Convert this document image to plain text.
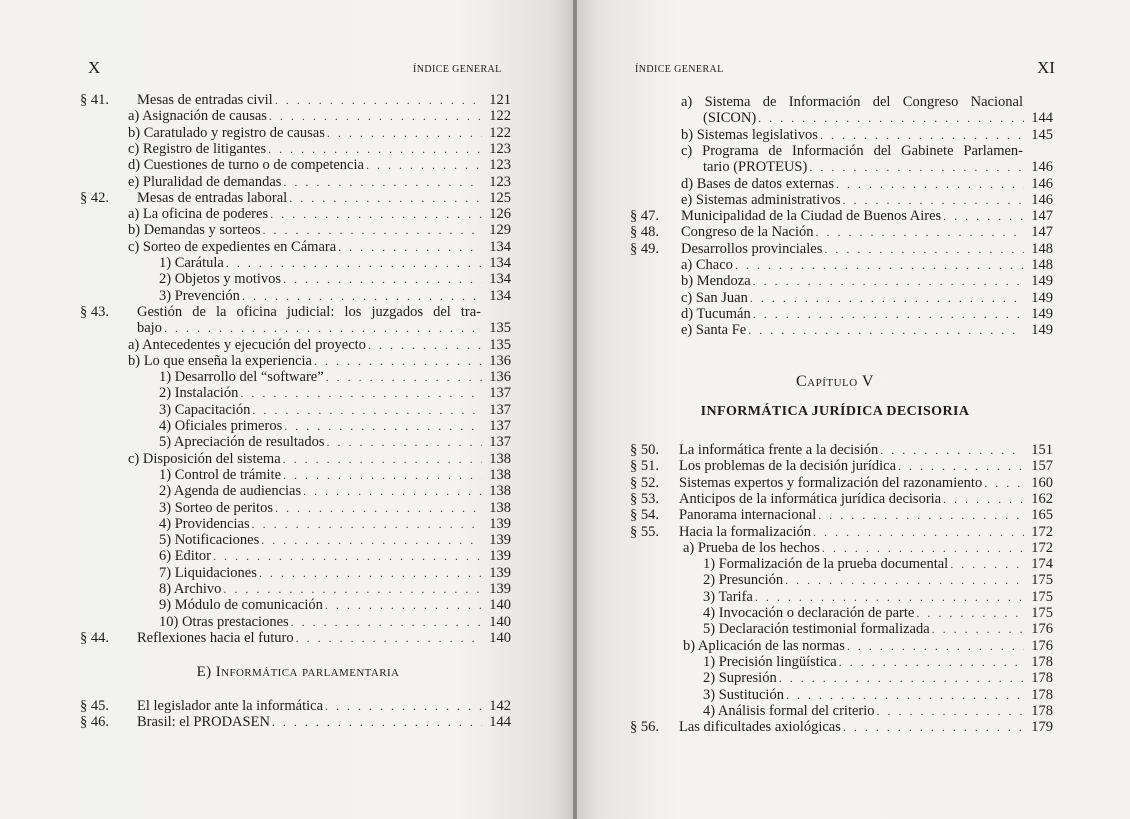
X	ÍNDICE GENERAL
§ 41. Mesas de entradas civil . . .	121
a) Asignación de causas . . .	122
b) Caratulado y registro de causas . . .	122
c) Registro de litigantes . . .	123
d) Cuestiones de turno o de competencia . . .	123
e) Pluralidad de demandas . . .	123
§ 42. Mesas de entradas laboral . . .	125
a) La oficina de poderes . . .	126
b) Demandas y sorteos . . .	129
c) Sorteo de expedientes en Cámara . . .	134
1) Carátula . . .	134
2) Objetos y motivos . . .	134
3) Prevención . . .	134
§ 43. Gestión de la oficina judicial: los juzgados del tra-
bajo . . .	135
a) Antecedentes y ejecución del proyecto . . .	135
b) Lo que enseña la experiencia . . .	136
1) Desarrollo del “software” . . .	136
2) Instalación . . .	137
3) Capacitación . . .	137
4) Oficiales primeros . . .	137
5) Apreciación de resultados . . .	137
c) Disposición del sistema . . .	138
1) Control de trámite . . .	138
2) Agenda de audiencias . . .	138
3) Sorteo de peritos . . .	138
4) Providencias . . .	139
5) Notificaciones . . .	139
6) Editor . . .	139
7) Liquidaciones . . .	139
8) Archivo . . .	139
9) Módulo de comunicación . . .	140
10) Otras prestaciones . . .	140
§ 44. Reflexiones hacia el futuro . . .	140
E) Informática parlamentaria
§ 45. El legislador ante la informática . . .	142
§ 46. Brasil: el PRODASEN . . .	144
ÍNDICE GENERAL	XI
a) Sistema de Información del Congreso Nacional
(SICON) . . .	144
b) Sistemas legislativos . . .	145
c) Programa de Información del Gabinete Parlamen-
tario (PROTEUS) . . .	146
d) Bases de datos externas . . .	146
e) Sistemas administrativos . . .	146
§ 47. Municipalidad de la Ciudad de Buenos Aires . . .	147
§ 48. Congreso de la Nación . . .	147
§ 49. Desarrollos provinciales . . .	148
a) Chaco . . .	148
b) Mendoza . . .	149
c) San Juan . . .	149
d) Tucumán . . .	149
e) Santa Fe . . .	149
Capítulo V
INFORMÁTICA JURÍDICA DECISORIA
§ 50. La informática frente a la decisión . . .	151
§ 51. Los problemas de la decisión jurídica . . .	157
§ 52. Sistemas expertos y formalización del razonamiento . . .	160
§ 53. Anticipos de la informática jurídica decisoria . . .	162
§ 54. Panorama internacional . . .	165
§ 55. Hacia la formalización . . .	172
a) Prueba de los hechos . . .	172
1) Formalización de la prueba documental . . .	174
2) Presunción . . .	175
3) Tarifa . . .	175
4) Invocación o declaración de parte . . .	175
5) Declaración testimonial formalizada . . .	176
b) Aplicación de las normas . . .	176
1) Precisión lingüística . . .	178
2) Supresión . . .	178
3) Sustitución . . .	178
4) Análisis formal del criterio . . .	178
§ 56. Las dificultades axiológicas . . .	179
